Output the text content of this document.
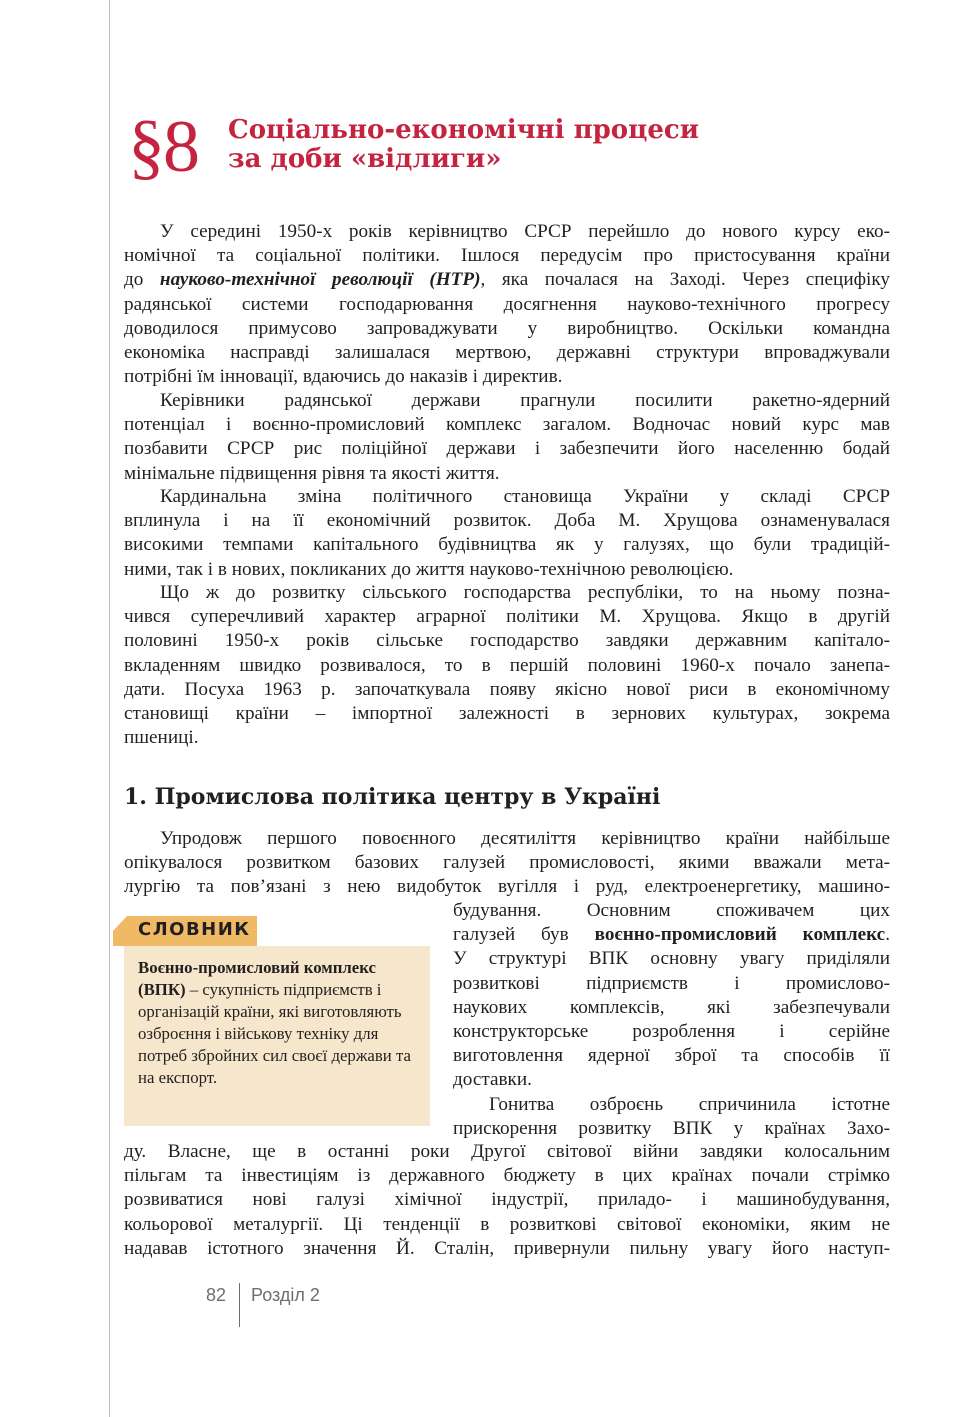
§8 Соціально-економічні процеси
за доби «відлиги»
У середині 1950-х років керівництво СРСР перейшло до нового курсу еко-
номічної та соціальної політики. Ішлося передусім про пристосування країни
до науково-технічної революції (НТР), яка почалася на Заході. Через специфіку
радянської системи господарювання досягнення науково-технічного прогресу
доводилося примусово запроваджувати у виробництво. Оскільки командна
економіка насправді залишалася мертвою, державні структури впроваджували
потрібні їм інновації, вдаючись до наказів і директив.
Керівники радянської держави прагнули посилити ракетно-ядерний
потенціал і воєнно-промисловий комплекс загалом. Водночас новий курс мав
позбавити СРСР рис поліційної держави і забезпечити його населенню бодай
мінімальне підвищення рівня та якості життя.
Кардинальна зміна політичного становища України у складі СРСР
вплинула і на її економічний розвиток. Доба М. Хрущова ознаменувалася
високими темпами капітального будівництва як у галузях, що були традицій-
ними, так і в нових, покликаних до життя науково-технічною революцією.
Що ж до розвитку сільського господарства республіки, то на ньому позна-
чився суперечливий характер аграрної політики М. Хрущова. Якщо в другій
половині 1950-х років сільське господарство завдяки державним капітало-
вкладенням швидко розвивалося, то в першій половині 1960-х почало занепа-
дати. Посуха 1963 р. започаткувала появу якісно нової риси в економічному
становищі країни – імпортної залежності в зернових культурах, зокрема
пшениці.
1. Промислова політика центру в Україні
Упродовж першого повоєнного десятиліття керівництво країни найбільше
опікувалося розвитком базових галузей промисловості, якими вважали мета-
лургію та пов’язані з нею видобуток вугілля і руд, електроенергетику, машино-
СЛОВНИК
Воєнно-промисловий комплекс (ВПК) – сукупність підприємств і організацій країни, які виготовляють озброєння і військову техніку для потреб збройних сил своєї держави та на експорт.
будування. Основним споживачем цих
галузей був воєнно-промисловий комплекс.
У структурі ВПК основну увагу приділяли
розвиткові підприємств і промислово-
наукових комплексів, які забезпечували
конструкторське розроблення і серійне
виготовлення ядерної зброї та способів її
доставки.
Гонитва озброєнь спричинила істотне
прискорення розвитку ВПК у країнах Захо-
ду. Власне, ще в останні роки Другої світової війни завдяки колосальним
пільгам та інвестиціям із державного бюджету в цих країнах почали стрімко
розвиватися нові галузі хімічної індустрії, приладо- і машинобудування,
кольорової металургії. Ці тенденції в розвиткові світової економіки, яким не
надавав істотного значення Й. Сталін, привернули пильну увагу його наступ-
82 Розділ 2
